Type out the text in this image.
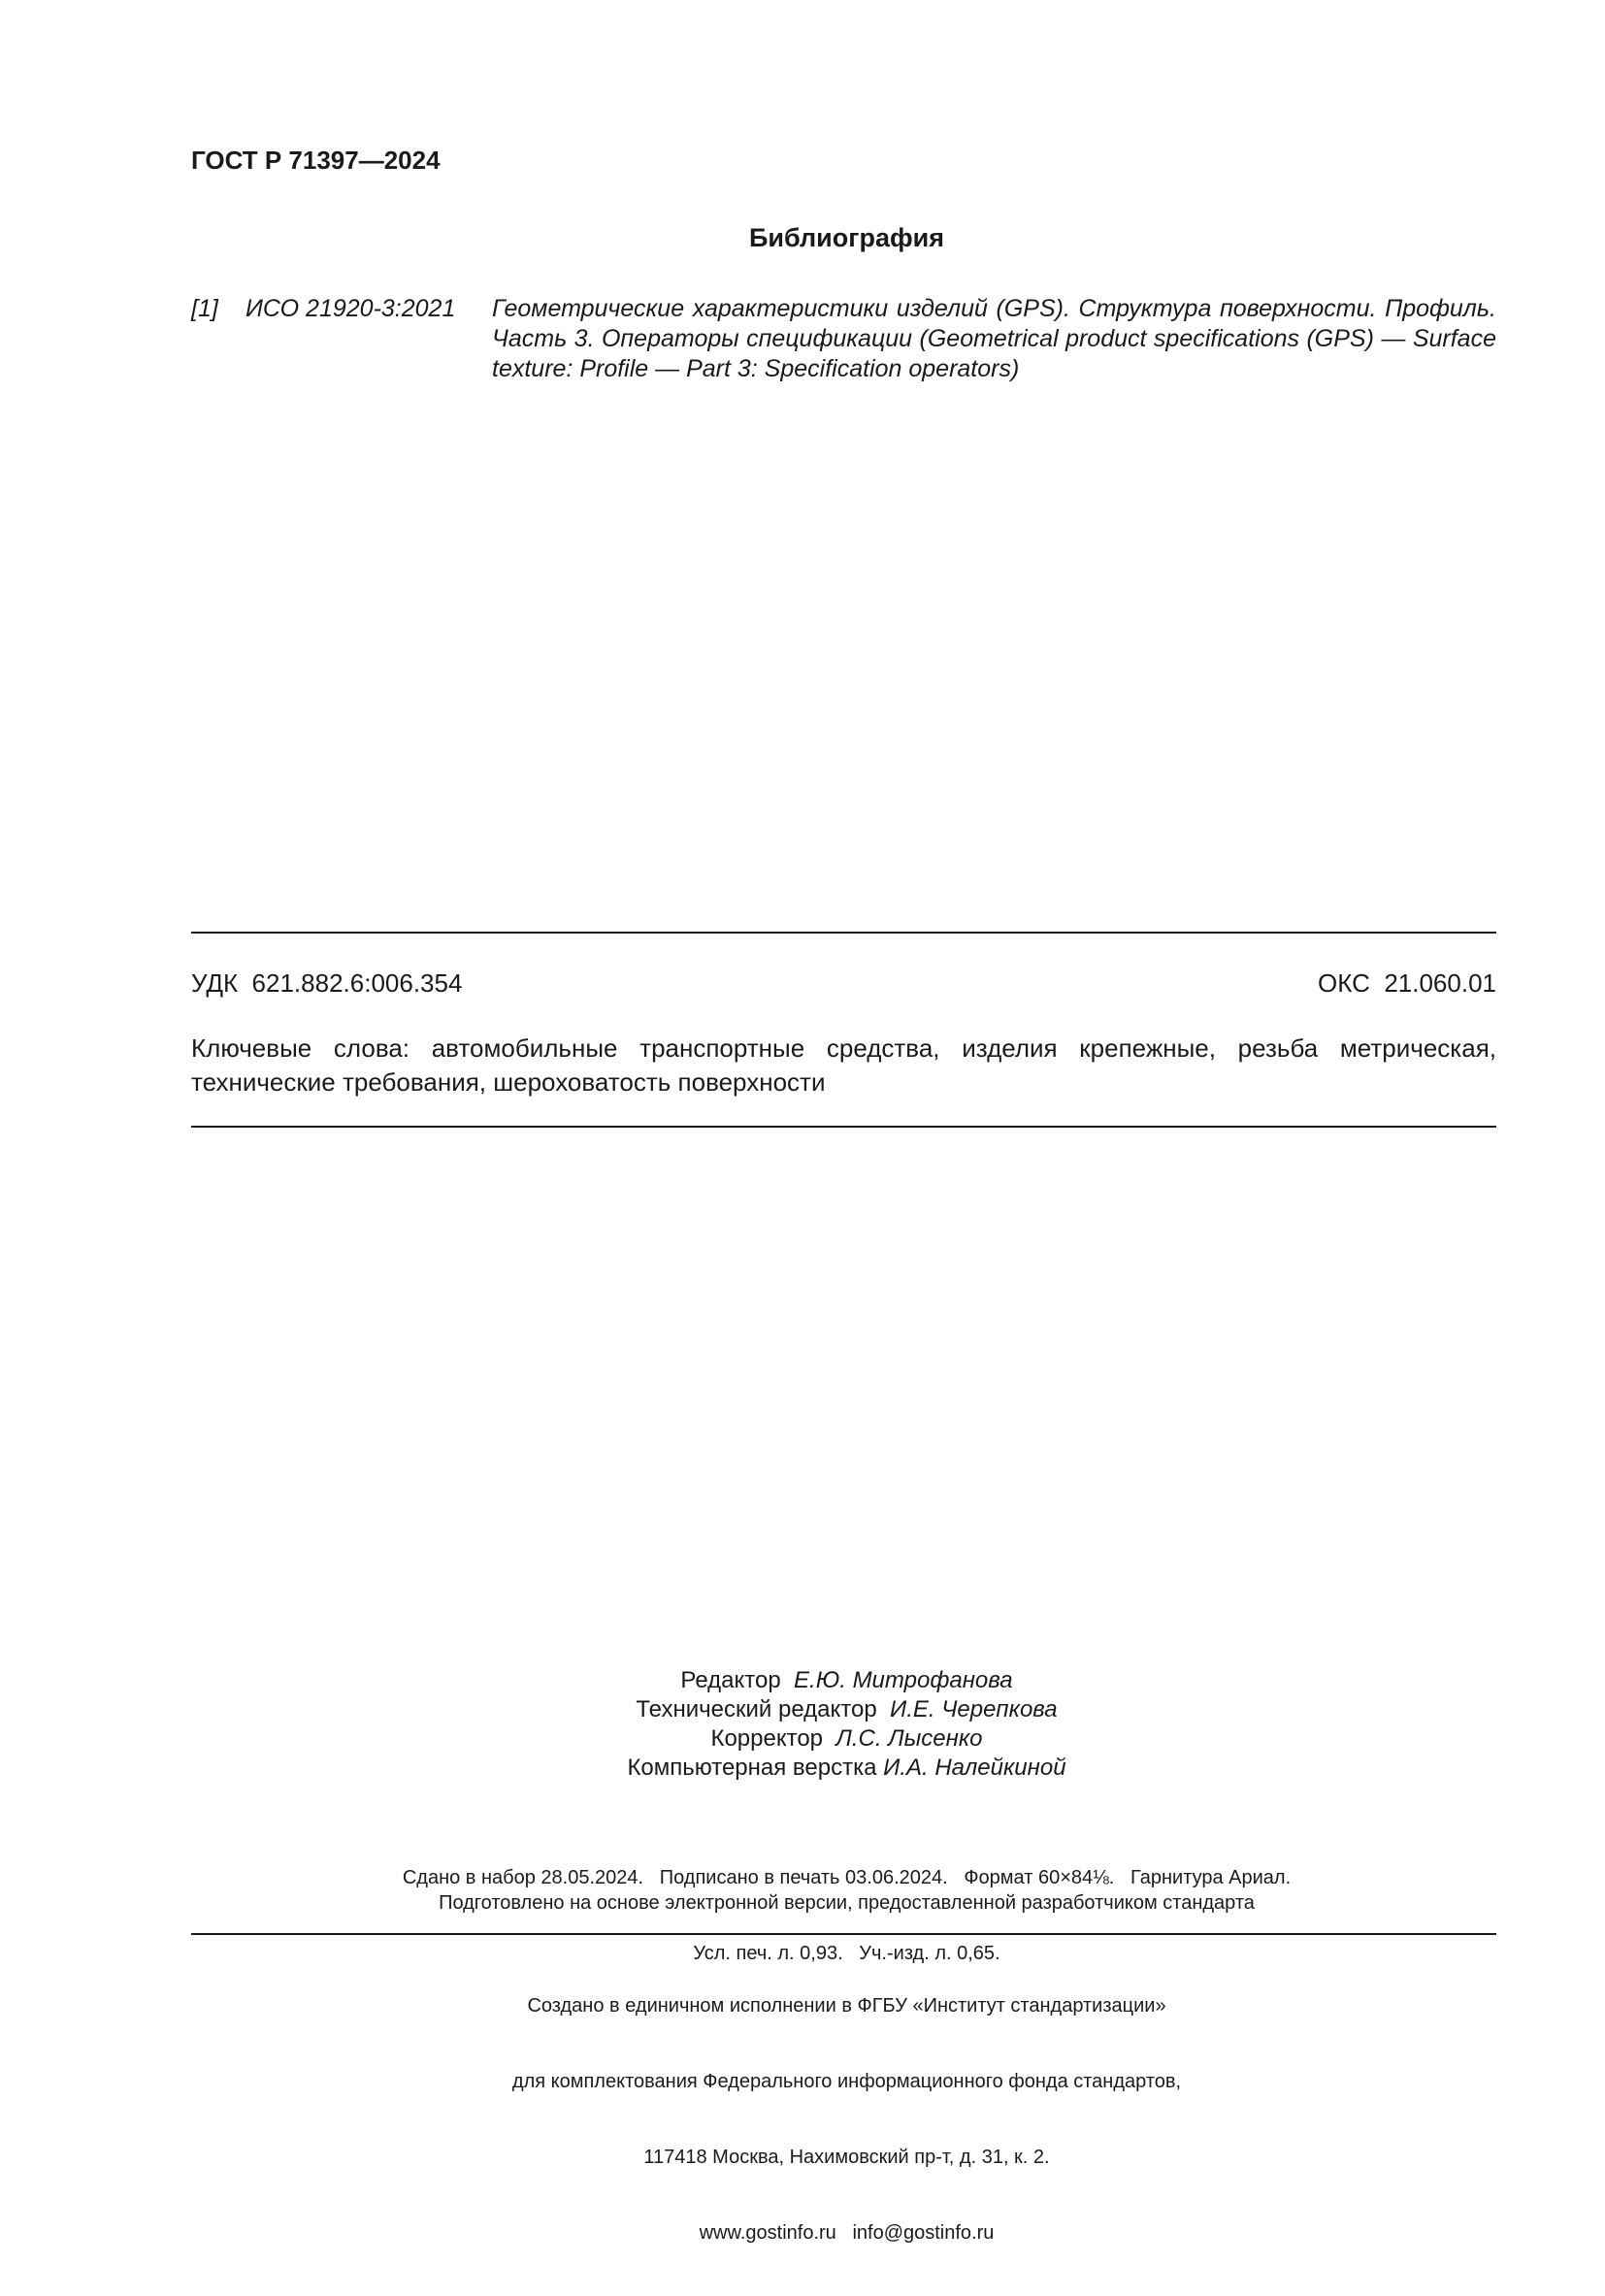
ГОСТ Р 71397—2024
Библиография
[1] ИСО 21920-3:2021 Геометрические характеристики изделий (GPS). Структура поверхности. Профиль. Часть 3. Операторы спецификации (Geometrical product specifications (GPS) — Surface texture: Profile — Part 3: Specification operators)
УДК  621.882.6:006.354	ОКС  21.060.01
Ключевые слова: автомобильные транспортные средства, изделия крепежные, резьба метрическая, технические требования, шероховатость поверхности
Редактор Е.Ю. Митрофанова
Технический редактор И.Е. Черепкова
Корректор Л.С. Лысенко
Компьютерная верстка И.А. Налейкиной

Сдано в набор 28.05.2024.   Подписано в печать 03.06.2024.   Формат 60×84⅛.   Гарнитура Ариал.

Усл. печ. л. 0,93.   Уч.-изд. л. 0,65.

Подготовлено на основе электронной версии, предоставленной разработчиком стандарта

Создано в единичном исполнении в ФГБУ «Институт стандартизации»

для комплектования Федерального информационного фонда стандартов,

117418 Москва, Нахимовский пр-т, д. 31, к. 2.

www.gostinfo.ru   info@gostinfo.ru
